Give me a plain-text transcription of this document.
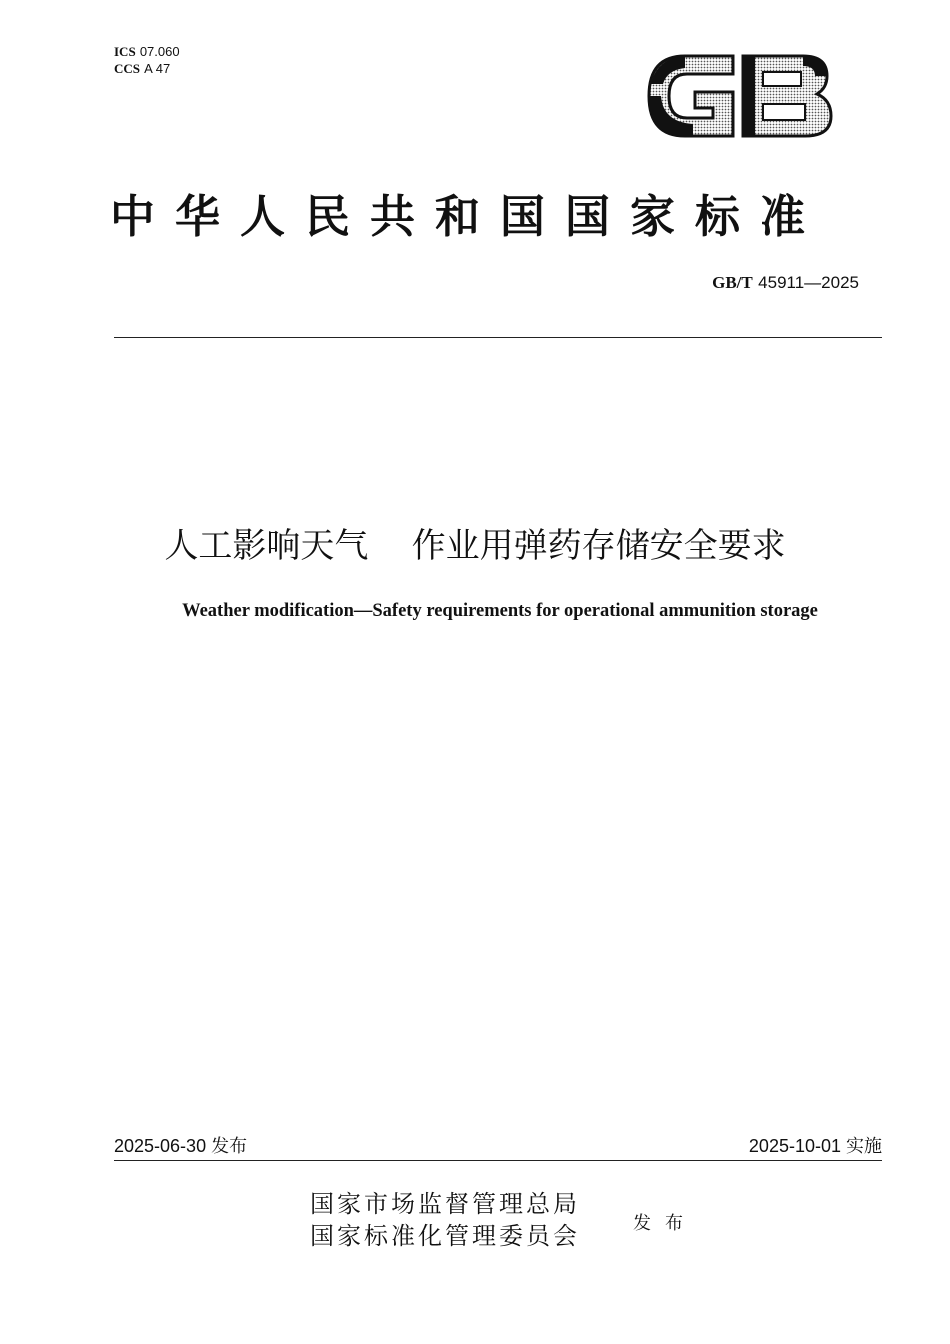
ICS 07.060
CCS A 47
中华人民共和国国家标准
GB/T 45911—2025
人工影响天气    作业用弹药存储安全要求
Weather modification—Safety requirements for operational ammunition storage
2025-06-30 发布	2025-10-01 实施
国家市场监督管理总局
国家标准化管理委员会	发布
